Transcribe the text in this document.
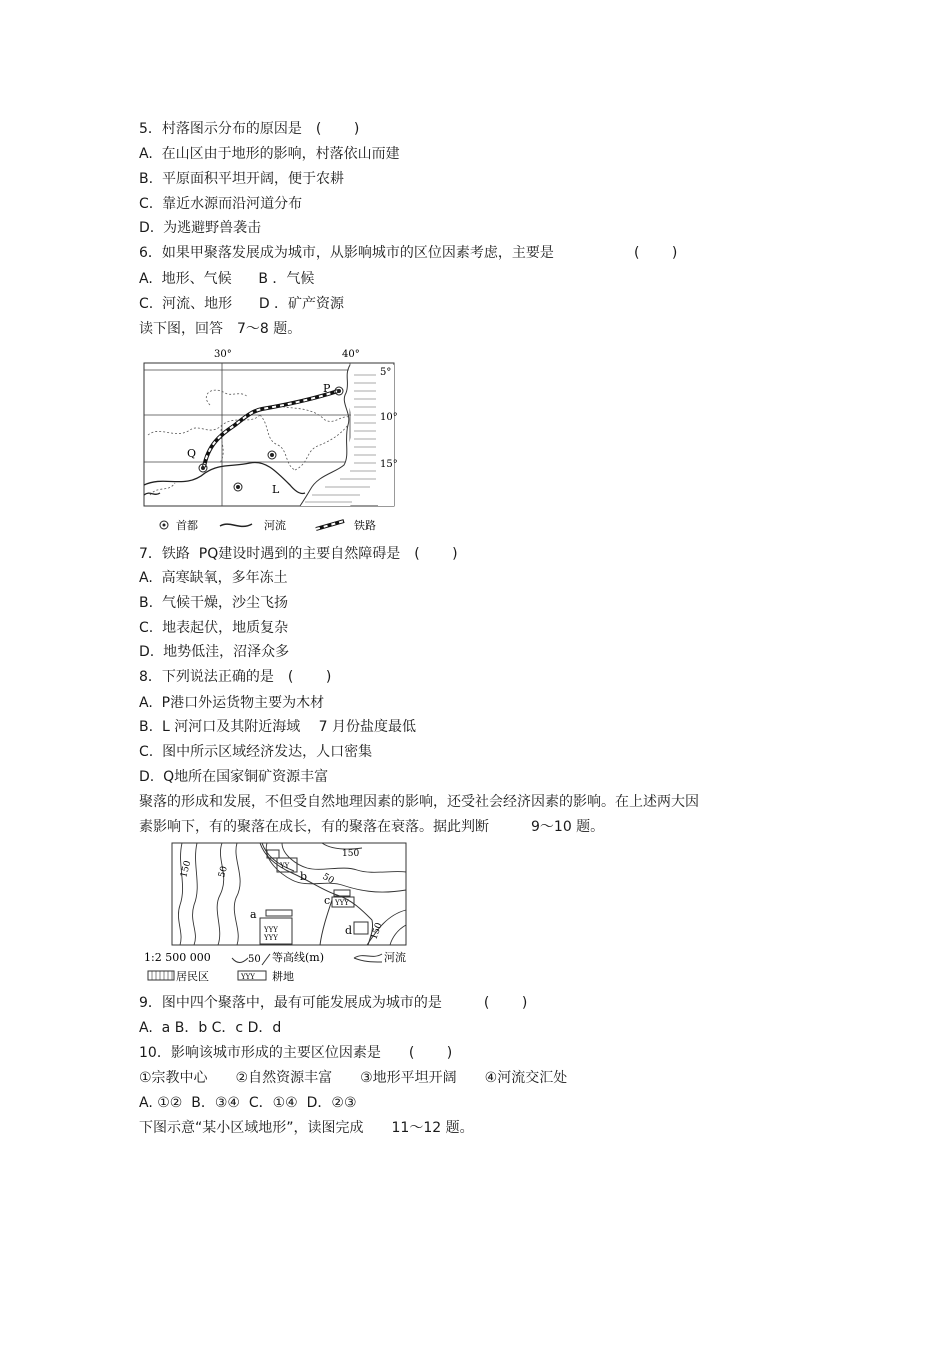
5．村落图示分布的原因是　(　　 )
A.  在山区由于地形的影响，村落依山而建
B.  平原面积平坦开阔，便于农耕
C.  靠近水源而沿河道分布
D.  为逃避野兽袭击
6．如果甲聚落发展成为城市，从影响城市的区位因素考虑，主要是	(　　 )
A.  地形、气候      B ．气候
C.  河流、地形      D ．矿产资源
读下图，回答　7～8 题。
30°	40°
5°
10°
15°
P
Q
L
首都	河流	铁路
7．铁路  PQ建设时遇到的主要自然障碍是　(　　 )
A.  高寒缺氧，多年冻土
B.  气候干燥，沙尘飞扬
C.  地表起伏，地质复杂
D.  地势低洼，沼泽众多
8．下列说法正确的是　(　　 )
A.  P港口外运货物主要为木材
B.  L 河河口及其附近海域　 7 月份盐度最低
C.  图中所示区域经济发达，人口密集
D.  Q地所在国家铜矿资源丰富
聚落的形成和发展，不但受自然地理因素的影响，还受社会经济因素的影响。在上述两大因
素影响下，有的聚落在成长，有的聚落在衰落。据此判断　　　9～10 题。
YY
YYY
YYY
YYY
150	50
150
50
150
a
b
c
d
1:2 500 000	50 等高线(m)	河流
居民区	YYY 耕地
9．图中四个聚落中，最有可能发展成为城市的是　　　(　　 )
A.  a B．b C．c D．d
10．影响该城市形成的主要区位因素是　　(　　 )
①宗教中心　　②自然资源丰富　　③地形平坦开阔　　④河流交汇处
A. ①②  B．③④  C．①④  D．②③
下图示意“某小区域地形”，读图完成　　11～12 题。
